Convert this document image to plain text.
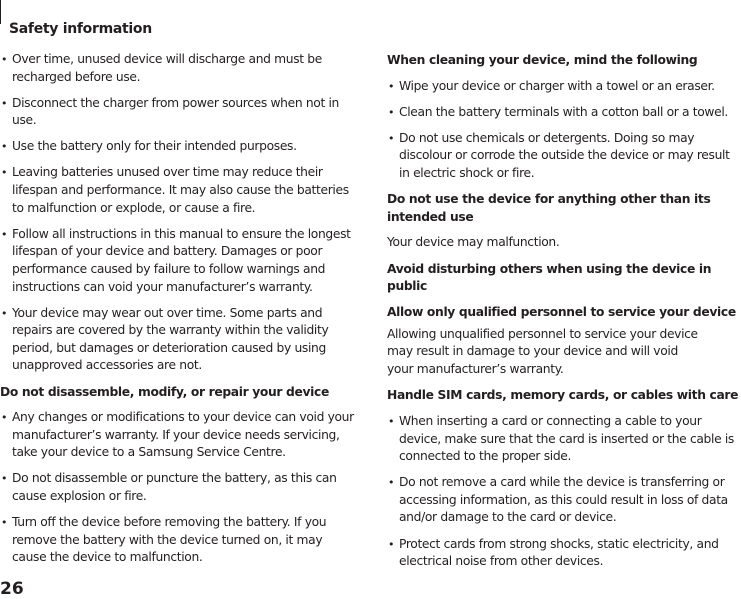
Safety information
• Over time, unused device will discharge and must be recharged before use.
• Disconnect the charger from power sources when not in use.
• Use the battery only for their intended purposes.
• Leaving batteries unused over time may reduce their lifespan and performance. It may also cause the batteries to malfunction or explode, or cause a fire.
• Follow all instructions in this manual to ensure the longest lifespan of your device and battery. Damages or poor performance caused by failure to follow warnings and instructions can void your manufacturer’s warranty.
• Your device may wear out over time. Some parts and repairs are covered by the warranty within the validity period, but damages or deterioration caused by using unapproved accessories are not.
Do not disassemble, modify, or repair your device
• Any changes or modifications to your device can void your manufacturer’s warranty. If your device needs servicing, take your device to a Samsung Service Centre.
• Do not disassemble or puncture the battery, as this can cause explosion or fire.
• Turn off the device before removing the battery. If you remove the battery with the device turned on, it may cause the device to malfunction.
When cleaning your device, mind the following
• Wipe your device or charger with a towel or an eraser.
• Clean the battery terminals with a cotton ball or a towel.
• Do not use chemicals or detergents. Doing so may discolour or corrode the outside the device or may result in electric shock or fire.
Do not use the device for anything other than its intended use

Your device may malfunction.

Avoid disturbing others when using the device in public
Allow only qualified personnel to service your device

Allowing unqualified personnel to service your device may result in damage to your device and will void your manufacturer’s warranty.

Handle SIM cards, memory cards, or cables with care
• When inserting a card or connecting a cable to your device, make sure that the card is inserted or the cable is connected to the proper side.
• Do not remove a card while the device is transferring or accessing information, as this could result in loss of data and/or damage to the card or device.
• Protect cards from strong shocks, static electricity, and electrical noise from other devices.
26
